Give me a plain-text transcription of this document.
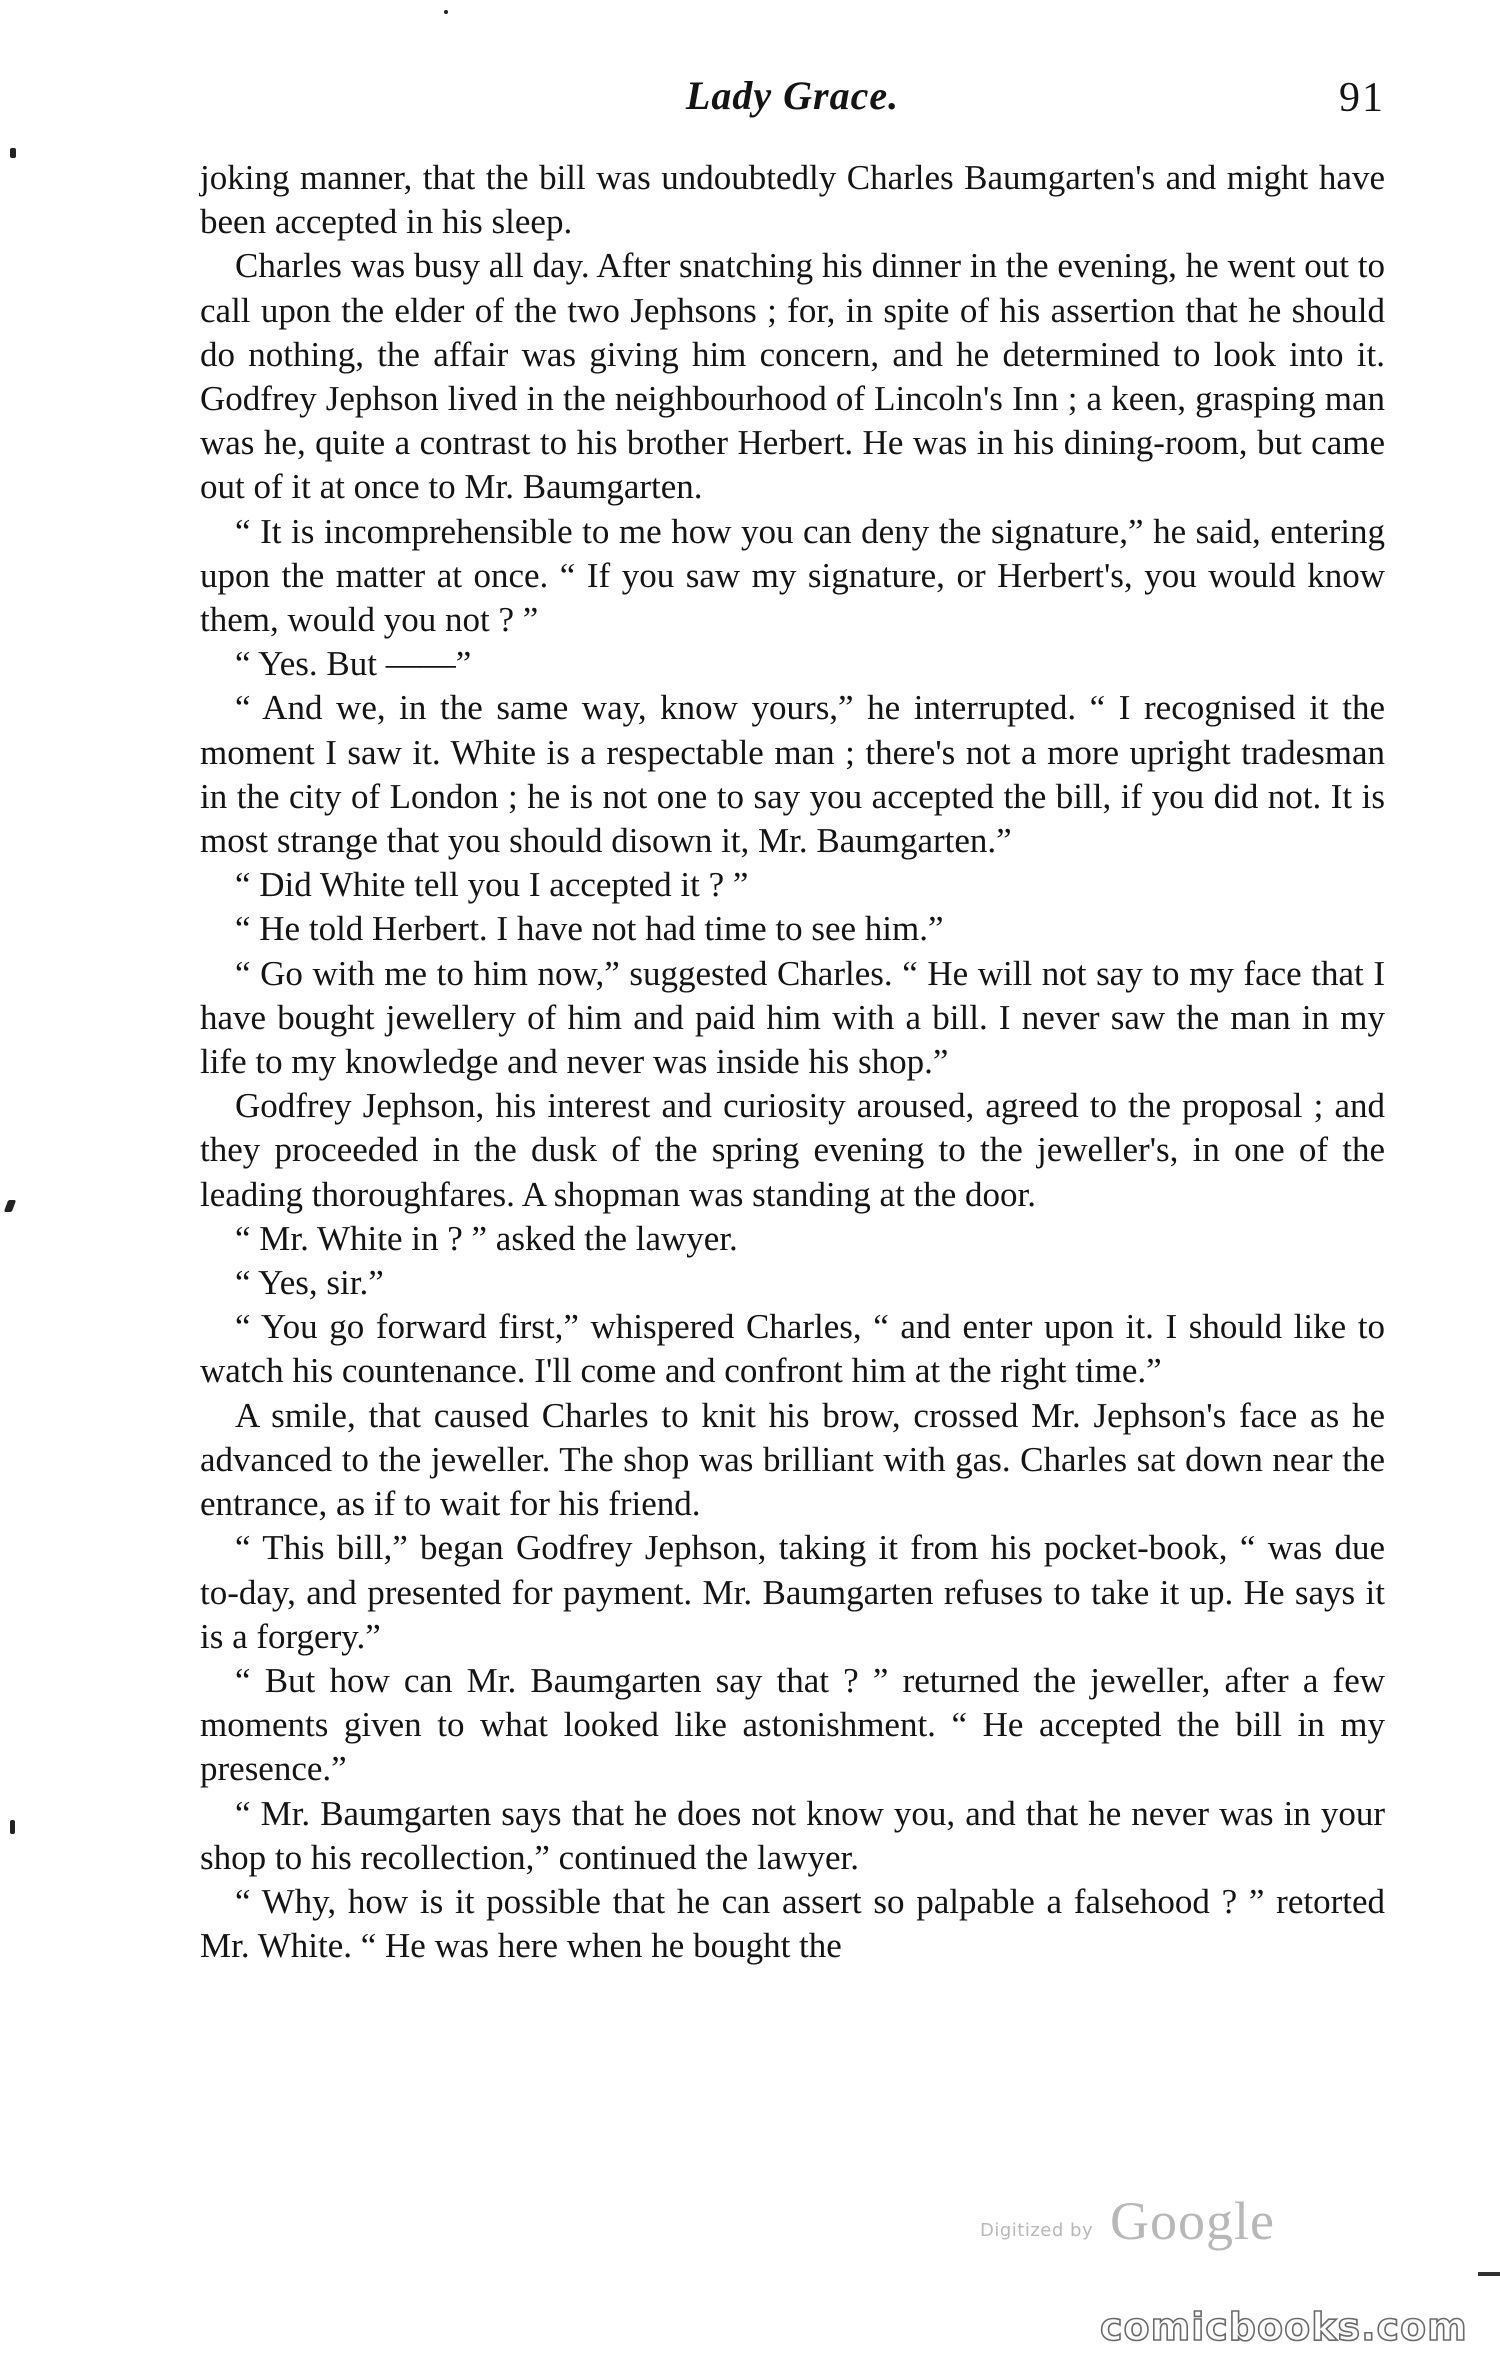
Lady Grace.	91

joking manner, that the bill was undoubtedly Charles Baumgarten's and might have been accepted in his sleep.

Charles was busy all day. After snatching his dinner in the evening, he went out to call upon the elder of the two Jephsons ; for, in spite of his assertion that he should do nothing, the affair was giving him concern, and he determined to look into it. Godfrey Jephson lived in the neighbourhood of Lincoln's Inn ; a keen, grasping man was he, quite a contrast to his brother Herbert. He was in his dining-room, but came out of it at once to Mr. Baumgarten.

“ It is incomprehensible to me how you can deny the signature,” he said, entering upon the matter at once. “ If you saw my signature, or Herbert's, you would know them, would you not ? ”

“ Yes. But ——”

“ And we, in the same way, know yours,” he interrupted. “ I recognised it the moment I saw it. White is a respectable man ; there's not a more upright tradesman in the city of London ; he is not one to say you accepted the bill, if you did not. It is most strange that you should disown it, Mr. Baumgarten.”

“ Did White tell you I accepted it ? ”

“ He told Herbert. I have not had time to see him.”

“ Go with me to him now,” suggested Charles. “ He will not say to my face that I have bought jewellery of him and paid him with a bill. I never saw the man in my life to my knowledge and never was inside his shop.”

Godfrey Jephson, his interest and curiosity aroused, agreed to the proposal ; and they proceeded in the dusk of the spring evening to the jeweller's, in one of the leading thoroughfares. A shopman was standing at the door.

“ Mr. White in ? ” asked the lawyer.

“ Yes, sir.”

“ You go forward first,” whispered Charles, “ and enter upon it. I should like to watch his countenance. I'll come and confront him at the right time.”

A smile, that caused Charles to knit his brow, crossed Mr. Jephson's face as he advanced to the jeweller. The shop was brilliant with gas. Charles sat down near the entrance, as if to wait for his friend.

“ This bill,” began Godfrey Jephson, taking it from his pocket-book, “ was due to-day, and presented for payment. Mr. Baumgarten refuses to take it up. He says it is a forgery.”

“ But how can Mr. Baumgarten say that ? ” returned the jeweller, after a few moments given to what looked like astonishment. “ He accepted the bill in my presence.”

“ Mr. Baumgarten says that he does not know you, and that he never was in your shop to his recollection,” continued the lawyer.

“ Why, how is it possible that he can assert so palpable a falsehood ? ” retorted Mr. White. “ He was here when he bought the

Digitized by Google
comicbooks.com
